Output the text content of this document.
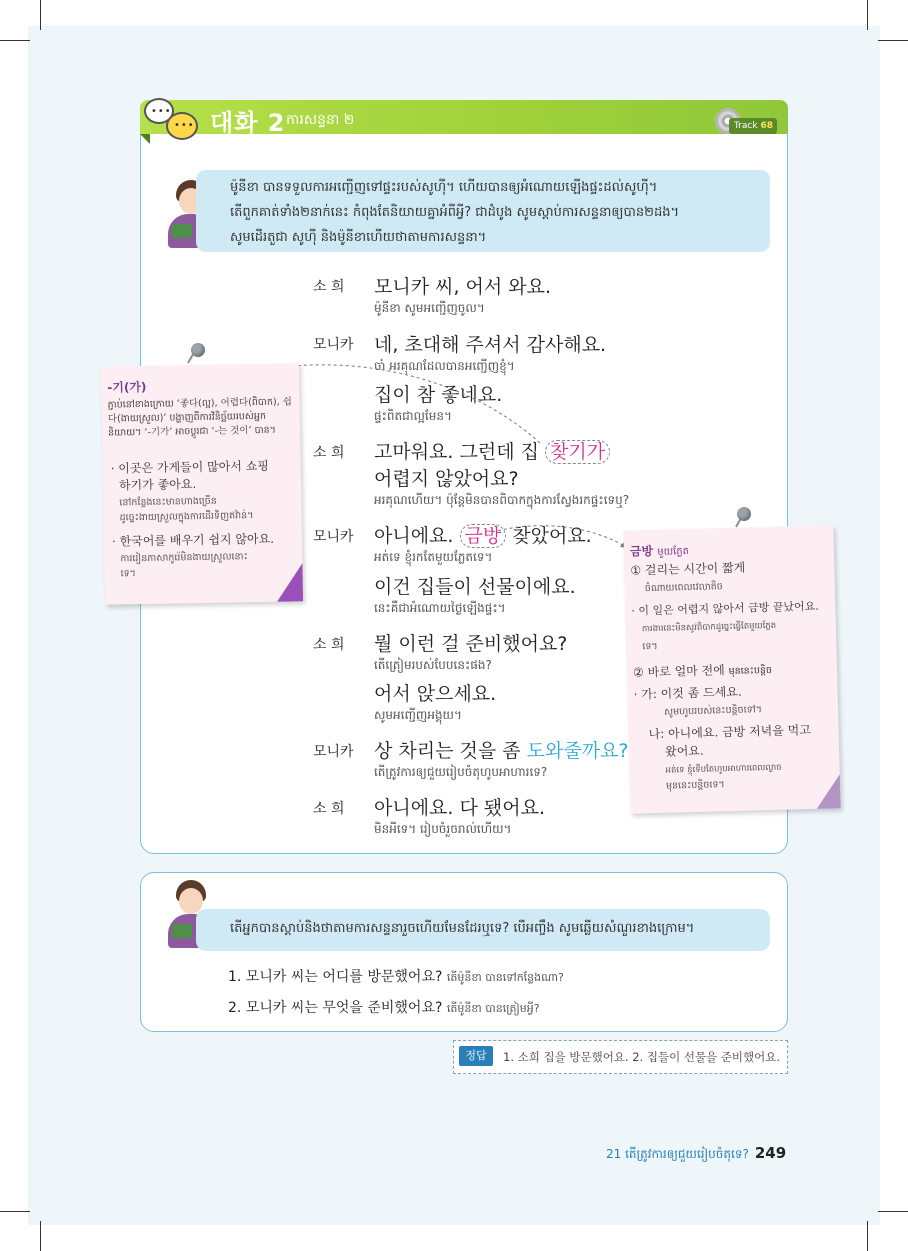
•••
••• 대화 2 ការសន្ទនា ២	Track 68
ម៉ូនីខា បានទទួលការអញ្ជើញទៅផ្ទះរបស់សូហុី។ ហើយបានឲ្យអំណោយឡើងផ្ទះដល់សូហុី។
តើពួកគាត់ទាំង២នាក់នេះ កំពុងតែនិយាយគ្នាអំពីអ្វី? ជាដំបូង សូមស្ដាប់ការសន្ទនាឲ្យបាន២ដង។
សូមដើរតួជា សូហុី និងម៉ូនីខាហើយថាតាមការសន្ទនា។
소 희 모니카 씨, 어서 와요.
ម៉ូនីខា សូមអញ្ជើញចូល។
모니카 네, 초대해 주셔서 감사해요.
ចា៎ អរគុណដែលបានអញ្ជើញខ្ញុំ។
집이 참 좋네요.
ផ្ទះពិតជាល្អមែន។
소 희 고마워요. 그런데 집 찾기가
어렵지 않았어요?
អរគុណហើយ។ ប៉ុន្តែមិនបានពិបាកក្នុងការស្វែងរកផ្ទះទេឬ?
모니카 아니에요. 금방 찾았어요.
អត់ទេ ខ្ញុំរកតែមួយភ្លែតទេ។
이건 집들이 선물이에요.
នេះគឺជាអំណោយថ្ងៃឡើងផ្ទះ។
소 희 뭘 이런 걸 준비했어요?
តើត្រៀមរបស់បែបនេះផង?
어서 앉으세요.
សូមអញ្ជើញអង្គុយ។
모니카 상 차리는 것을 좀 도와줄까요?
តើត្រូវការឲ្យជួយរៀបចំតុហូបអាហារទេ?
소 희 아니에요. 다 됐어요.
មិនអីទេ។ រៀបចំរួចរាល់ហើយ។
-기(가)
ភ្ជាប់នៅខាងក្រោយ ‘좋다(ល្អ), 어렵다(ពិបាក), 쉽다(ងាយស្រួល)’ បង្ហាញពីការវិនិច្ឆ័យរបស់អ្នកនិយាយ។ ‘-기가’ អាចប្ដូរជា ‘-는 것이’ បាន។
· 이곳은 가게들이 많아서 쇼핑
하기가 좋아요.
នៅកន្លែងនេះមានហាងច្រើន
ដូច្នេះងាយស្រួលក្នុងការដើរទិញឥវ៉ាន់។
· 한국어를 배우기 쉽지 않아요.
ការរៀនភាសាកូរ៉េមិនងាយស្រួលនោះ
ទេ។
금방 មួយភ្លែត
① 걸리는 시간이 짧게
ចំណាយពេលវេលាតិច
· 이 일은 어렵지 않아서 금방 끝났어요.
ការងារនេះមិនសូវពិបាកដូច្នេះធ្វើតែមួយភ្លែត
ទេ។
② 바로 얼마 전에 មុននេះបន្តិច
· 가: 이것 좀 드세요.
សូមហូបរបស់នេះបន្តិចទៅ។
나: 아니에요. 금방 저녁을 먹고
왔어요.
អត់ទេ ខ្ញុំទើបតែហូបអាហារពេលល្ងាច
មុននេះបន្តិចទេ។
តើអ្នកបានស្ដាប់និងថាតាមការសន្ទនារួចហើយមែនដែរឬទេ? បើអញ្ចឹង សូមឆ្លើយសំណួរខាងក្រោម។
1. 모니카 씨는 어디를 방문했어요? តើម៉ូនីខា បានទៅកន្លែងណា?
2. 모니카 씨는 무엇을 준비했어요? តើម៉ូនីខា បានត្រៀមអ្វី?
정답	1. 소희 집을 방문했어요. 2. 집들이 선물을 준비했어요.
21 តើត្រូវការឲ្យជួយរៀបចំតុទេ? 249
